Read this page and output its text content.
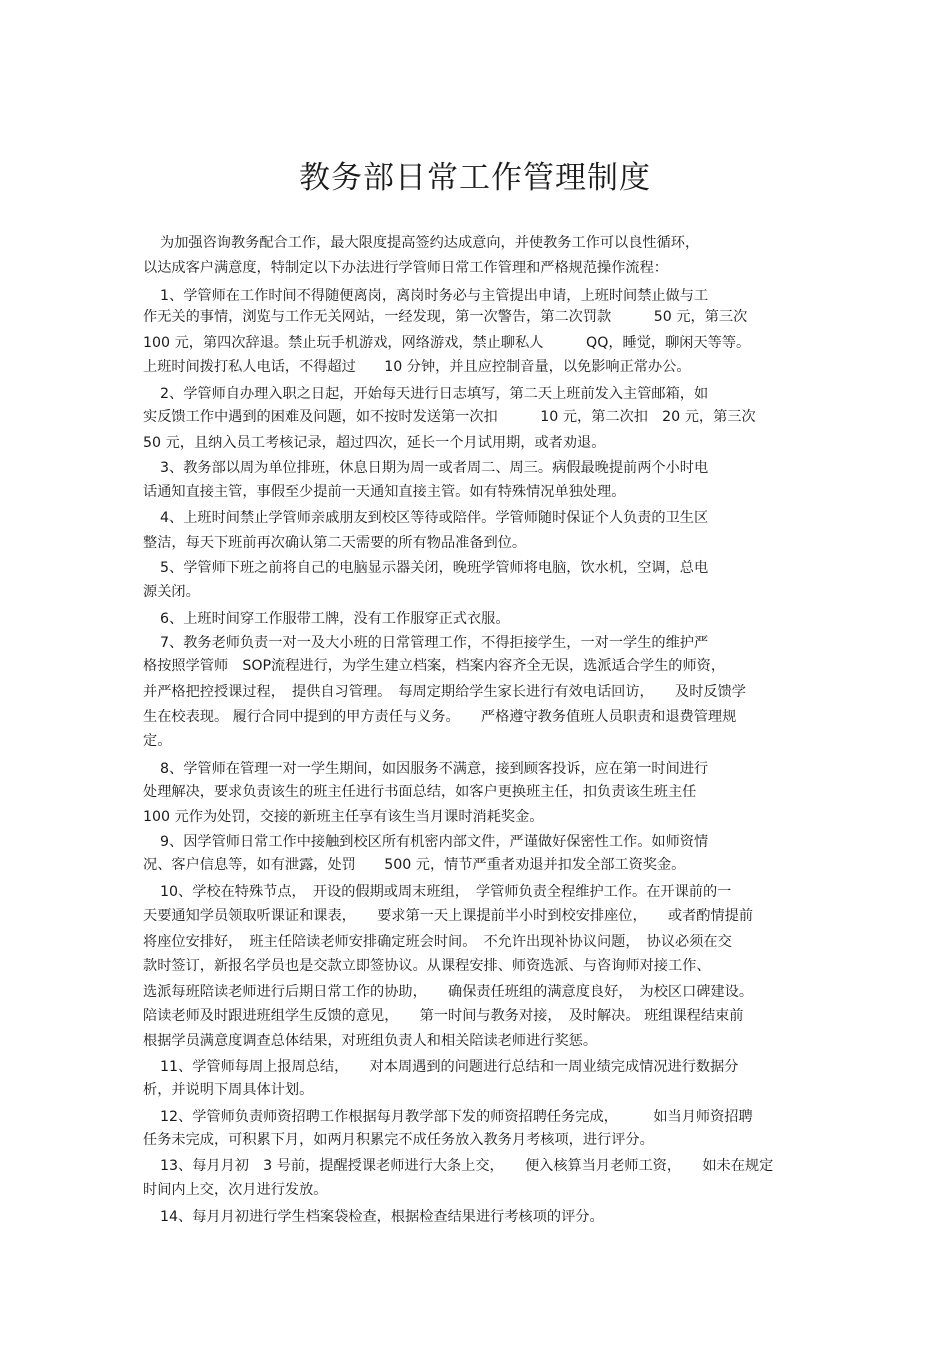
教务部日常工作管理制度
为加强咨询教务配合工作，最大限度提高签约达成意向，并使教务工作可以良性循环，
以达成客户满意度，特制定以下办法进行学管师日常工作管理和严格规范操作流程：
1、学管师在工作时间不得随便离岗，离岗时务必与主管提出申请，上班时间禁止做与工
作无关的事情，浏览与工作无关网站，一经发现，第一次警告，第二次罚款　　　50 元，第三次
100 元，第四次辞退。禁止玩手机游戏，网络游戏，禁止聊私人　　　QQ，睡觉，聊闲天等等。
上班时间拨打私人电话，不得超过　　10 分钟，并且应控制音量，以免影响正常办公。
2、学管师自办理入职之日起，开始每天进行日志填写，第二天上班前发入主管邮箱，如
实反馈工作中遇到的困难及问题，如不按时发送第一次扣　　　10 元，第二次扣　20 元，第三次
50 元，且纳入员工考核记录，超过四次，延长一个月试用期，或者劝退。
3、教务部以周为单位排班，休息日期为周一或者周二、周三。病假最晚提前两个小时电
话通知直接主管，事假至少提前一天通知直接主管。如有特殊情况单独处理。
4、上班时间禁止学管师亲戚朋友到校区等待或陪伴。学管师随时保证个人负责的卫生区
整洁，每天下班前再次确认第二天需要的所有物品准备到位。
5、学管师下班之前将自己的电脑显示器关闭，晚班学管师将电脑，饮水机，空调，总电
源关闭。
6、上班时间穿工作服带工牌，没有工作服穿正式衣服。
7、教务老师负责一对一及大小班的日常管理工作，不得拒接学生，一对一学生的维护严
格按照学管师　SOP流程进行，为学生建立档案，档案内容齐全无误，选派适合学生的师资，
并严格把控授课过程，　提供自习管理。　每周定期给学生家长进行有效电话回访，　　及时反馈学
生在校表现。 履行合同中提到的甲方责任与义务。　　严格遵守教务值班人员职责和退费管理规
定。
8、学管师在管理一对一学生期间，如因服务不满意，接到顾客投诉，应在第一时间进行
处理解决，要求负责该生的班主任进行书面总结，如客户更换班主任，扣负责该生班主任
100 元作为处罚，交接的新班主任享有该生当月课时消耗奖金。
9、因学管师日常工作中接触到校区所有机密内部文件，严谨做好保密性工作。如师资情
况、客户信息等，如有泄露，处罚　　500 元，情节严重者劝退并扣发全部工资奖金。
10、学校在特殊节点，　开设的假期或周末班组，　学管师负责全程维护工作。在开课前的一
天要通知学员领取听课证和课表，　　要求第一天上课提前半小时到校安排座位，　　或者酌情提前
将座位安排好，　班主任陪读老师安排确定班会时间。　不允许出现补协议问题，　协议必须在交
款时签订，新报名学员也是交款立即签协议。从课程安排、师资选派、与咨询师对接工作、
选派每班陪读老师进行后期日常工作的协助，　　确保责任班组的满意度良好，　为校区口碑建设。
陪读老师及时跟进班组学生反馈的意见，　　第一时间与教务对接，　及时解决。 班组课程结束前
根据学员满意度调查总体结果，对班组负责人和相关陪读老师进行奖惩。
11、学管师每周上报周总结，　　对本周遇到的问题进行总结和一周业绩完成情况进行数据分
析，并说明下周具体计划。
12、学管师负责师资招聘工作根据每月教学部下发的师资招聘任务完成，　　　如当月师资招聘
任务未完成，可积累下月，如两月积累完不成任务放入教务月考核项，进行评分。
13、每月月初　3 号前，提醒授课老师进行大条上交，　　便入核算当月老师工资，　　如未在规定
时间内上交，次月进行发放。
14、每月月初进行学生档案袋检查，根据检查结果进行考核项的评分。
